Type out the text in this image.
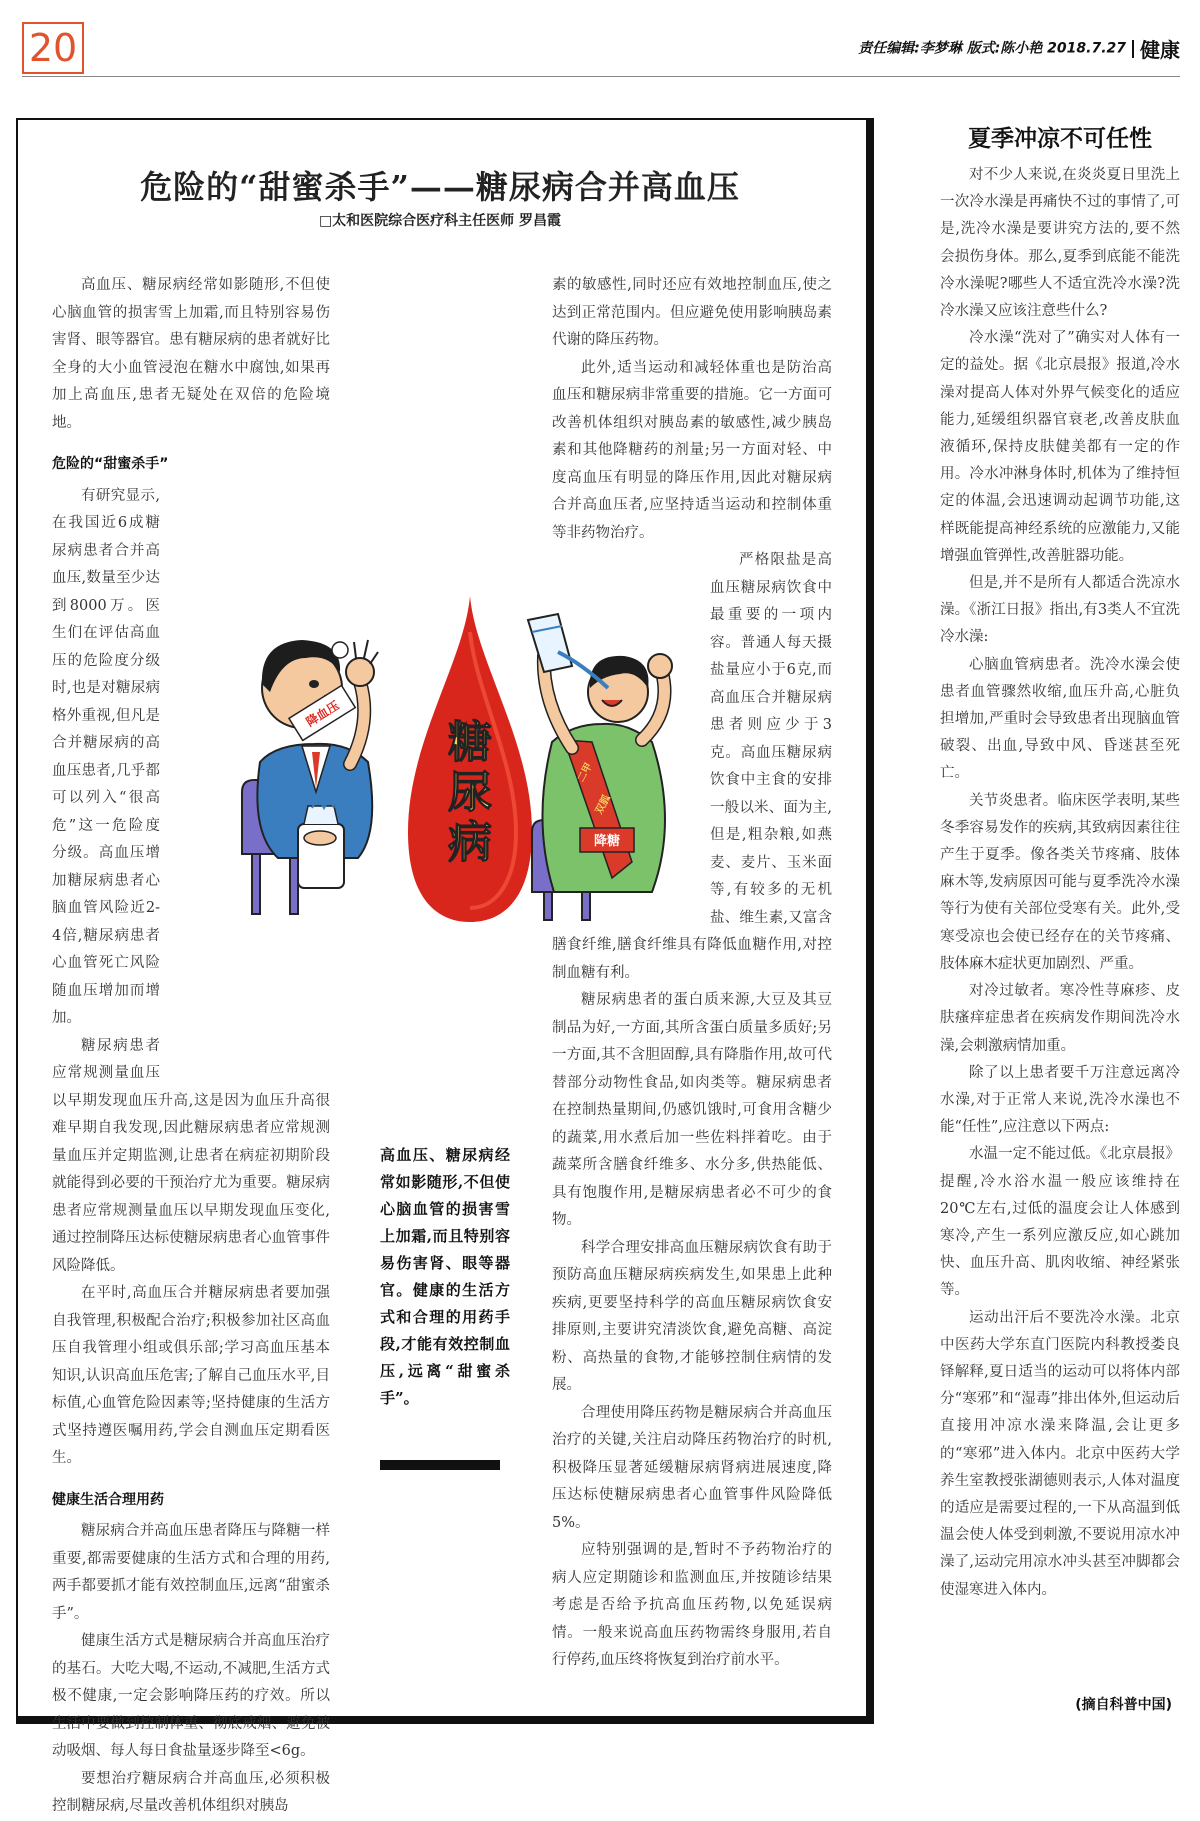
20	责任编辑:李梦琳 版式:陈小艳 2018.7.27 健康
危险的“甜蜜杀手”——糖尿病合并高血压
□太和医院综合医疗科主任医师 罗昌霞

高血压、糖尿病经常如影随形,不但使心脑血管的损害雪上加霜,而且特别容易伤害肾、眼等器官。患有糖尿病的患者就好比全身的大小血管浸泡在糖水中腐蚀,如果再加上高血压,患者无疑处在双倍的危险境地。

危险的“甜蜜杀手”

有研究显示,在我国近6成糖尿病患者合并高血压,数量至少达到8000万。医生们在评估高血压的危险度分级时,也是对糖尿病格外重视,但凡是合并糖尿病的高血压患者,几乎都可以列入“很高危”这一危险度分级。高血压增加糖尿病患者心脑血管风险近2-4倍,糖尿病患者心血管死亡风险随血压增加而增加。

糖尿病患者应常规测量血压以早期发现血压升高,这是因为血压升高很难早期自我发现,因此糖尿病患者应常规测量血压并定期监测,让患者在病症初期阶段就能得到必要的干预治疗尤为重要。糖尿病患者应常规测量血压以早期发现血压变化,通过控制降压达标使糖尿病患者心血管事件风险降低。

在平时,高血压合并糖尿病患者要加强自我管理,积极配合治疗;积极参加社区高血压自我管理小组或俱乐部;学习高血压基本知识,认识高血压危害;了解自己血压水平,目标值,心血管危险因素等;坚持健康的生活方式坚持遵医嘱用药,学会自测血压定期看医生。

健康生活合理用药

糖尿病合并高血压患者降压与降糖一样重要,都需要健康的生活方式和合理的用药,两手都要抓才能有效控制血压,远离“甜蜜杀手”。

健康生活方式是糖尿病合并高血压治疗的基石。大吃大喝,不运动,不减肥,生活方式极不健康,一定会影响降压药的疗效。所以生活中要做到控制体重、彻底戒烟、避免被动吸烟、每人每日食盐量逐步降至<6g。

要想治疗糖尿病合并高血压,必须积极控制糖尿病,尽量改善机体组织对胰岛

素的敏感性,同时还应有效地控制血压,使之达到正常范围内。但应避免使用影响胰岛素代谢的降压药物。

此外,适当运动和减轻体重也是防治高血压和糖尿病非常重要的措施。它一方面可改善机体组织对胰岛素的敏感性,减少胰岛素和其他降糖药的剂量;另一方面对轻、中度高血压有明显的降压作用,因此对糖尿病合并高血压者,应坚持适当运动和控制体重等非药物治疗。

严格限盐是高血压糖尿病饮食中最重要的一项内容。普通人每天摄盐量应小于6克,而高血压合并糖尿病患者则应少于3克。高血压糖尿病饮食中主食的安排一般以米、面为主,但是,粗杂粮,如燕麦、麦片、玉米面等,有较多的无机盐、维生素,又富含膳食纤维,膳食纤维具有降低血糖作用,对控制血糖有利。

糖尿病患者的蛋白质来源,大豆及其豆制品为好,一方面,其所含蛋白质量多质好;另一方面,其不含胆固醇,具有降脂作用,故可代替部分动物性食品,如肉类等。糖尿病患者在控制热量期间,仍感饥饿时,可食用含糖少的蔬菜,用水煮后加一些佐料拌着吃。由于蔬菜所含膳食纤维多、水分多,供热能低、具有饱腹作用,是糖尿病患者必不可少的食物。

科学合理安排高血压糖尿病饮食有助于预防高血压糖尿病疾病发生,如果患上此种疾病,更要坚持科学的高血压糖尿病饮食安排原则,主要讲究清淡饮食,避免高糖、高淀粉、高热量的食物,才能够控制住病情的发展。

合理使用降压药物是糖尿病合并高血压治疗的关键,关注启动降压药物治疗的时机,积极降压显著延缓糖尿病肾病进展速度,降压达标使糖尿病患者心血管事件风险降低5%。

应特别强调的是,暂时不予药物治疗的病人应定期随诊和监测血压,并按随诊结果考虑是否给予抗高血压药物,以免延误病情。一般来说高血压药物需终身服用,若自行停药,血压终将恢复到治疗前水平。

降血压
糖
尿
病
二甲
双胍
降糖
高血压、糖尿病经常如影随形,不但使心脑血管的损害雪上加霜,而且特别容易伤害肾、眼等器官。健康的生活方式和合理的用药手段,才能有效控制血压,远离“甜蜜杀手”。
夏季冲凉不可任性

对不少人来说,在炎炎夏日里洗上一次冷水澡是再痛快不过的事情了,可是,洗冷水澡是要讲究方法的,要不然会损伤身体。那么,夏季到底能不能洗冷水澡呢?哪些人不适宜洗冷水澡?洗冷水澡又应该注意些什么?

冷水澡“洗对了”确实对人体有一定的益处。据《北京晨报》报道,冷水澡对提高人体对外界气候变化的适应能力,延缓组织器官衰老,改善皮肤血液循环,保持皮肤健美都有一定的作用。冷水冲淋身体时,机体为了维持恒定的体温,会迅速调动起调节功能,这样既能提高神经系统的应激能力,又能增强血管弹性,改善脏器功能。

但是,并不是所有人都适合洗凉水澡。《浙江日报》指出,有3类人不宜洗冷水澡:

心脑血管病患者。洗冷水澡会使患者血管骤然收缩,血压升高,心脏负担增加,严重时会导致患者出现脑血管破裂、出血,导致中风、昏迷甚至死亡。

关节炎患者。临床医学表明,某些冬季容易发作的疾病,其致病因素往往产生于夏季。像各类关节疼痛、肢体麻木等,发病原因可能与夏季洗冷水澡等行为使有关部位受寒有关。此外,受寒受凉也会使已经存在的关节疼痛、肢体麻木症状更加剧烈、严重。

对冷过敏者。寒冷性荨麻疹、皮肤瘙痒症患者在疾病发作期间洗冷水澡,会刺激病情加重。

除了以上患者要千万注意远离冷水澡,对于正常人来说,洗冷水澡也不能“任性”,应注意以下两点:

水温一定不能过低。《北京晨报》提醒,冷水浴水温一般应该维持在20℃左右,过低的温度会让人体感到寒冷,产生一系列应激反应,如心跳加快、血压升高、肌肉收缩、神经紧张等。

运动出汗后不要洗冷水澡。北京中医药大学东直门医院内科教授娄良铎解释,夏日适当的运动可以将体内部分“寒邪”和“湿毒”排出体外,但运动后直接用冲凉水澡来降温,会让更多的“寒邪”进入体内。北京中医药大学养生室教授张湖德则表示,人体对温度的适应是需要过程的,一下从高温到低温会使人体受到刺激,不要说用凉水冲澡了,运动完用凉水冲头甚至冲脚都会使湿寒进入体内。

(摘自科普中国)
